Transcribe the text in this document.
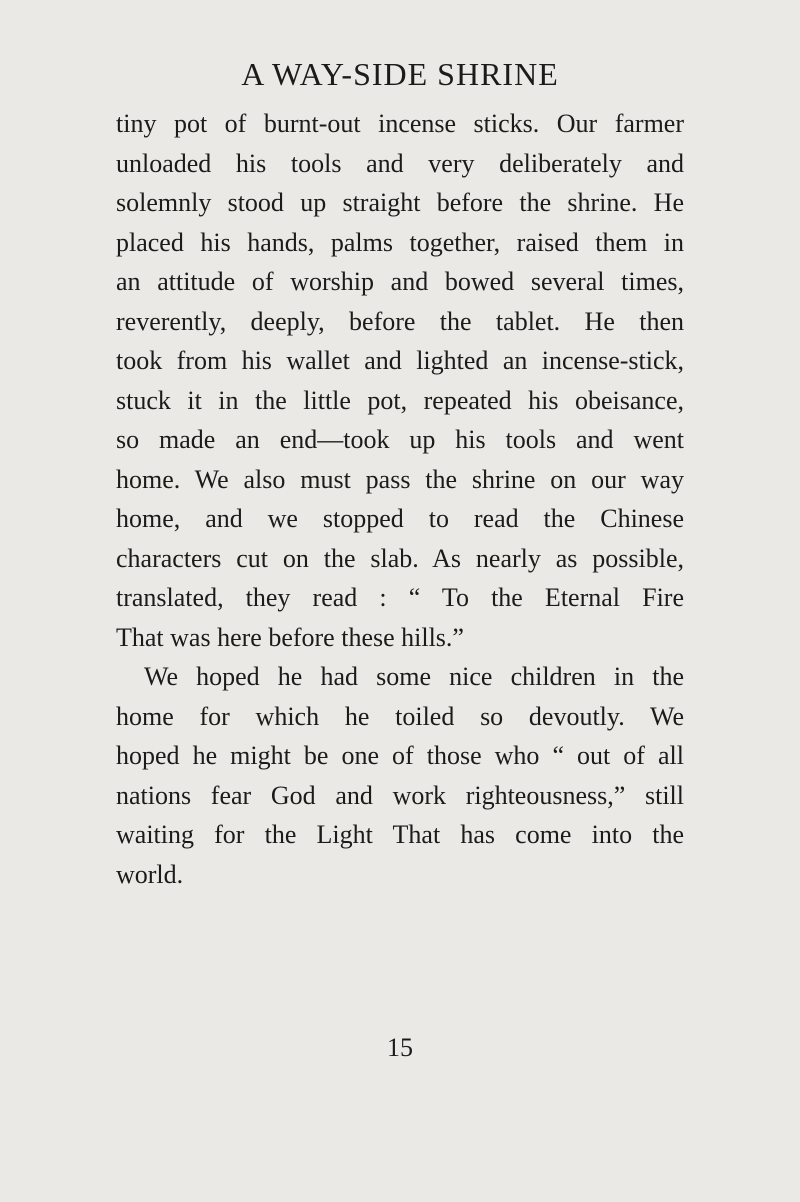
A WAY-SIDE SHRINE
tiny pot of burnt-out incense sticks. Our farmer
unloaded his tools and very deliberately and
solemnly stood up straight before the shrine. He
placed his hands, palms together, raised them in
an attitude of worship and bowed several times,
reverently, deeply, before the tablet. He then
took from his wallet and lighted an incense-stick,
stuck it in the little pot, repeated his obeisance,
so made an end—took up his tools and went
home. We also must pass the shrine on our way
home, and we stopped to read the Chinese
characters cut on the slab. As nearly as possible,
translated, they read : “ To the Eternal Fire
That was here before these hills.”
We hoped he had some nice children in the
home for which he toiled so devoutly. We
hoped he might be one of those who “ out of all
nations fear God and work righteousness,” still
waiting for the Light That has come into the
world.
15
